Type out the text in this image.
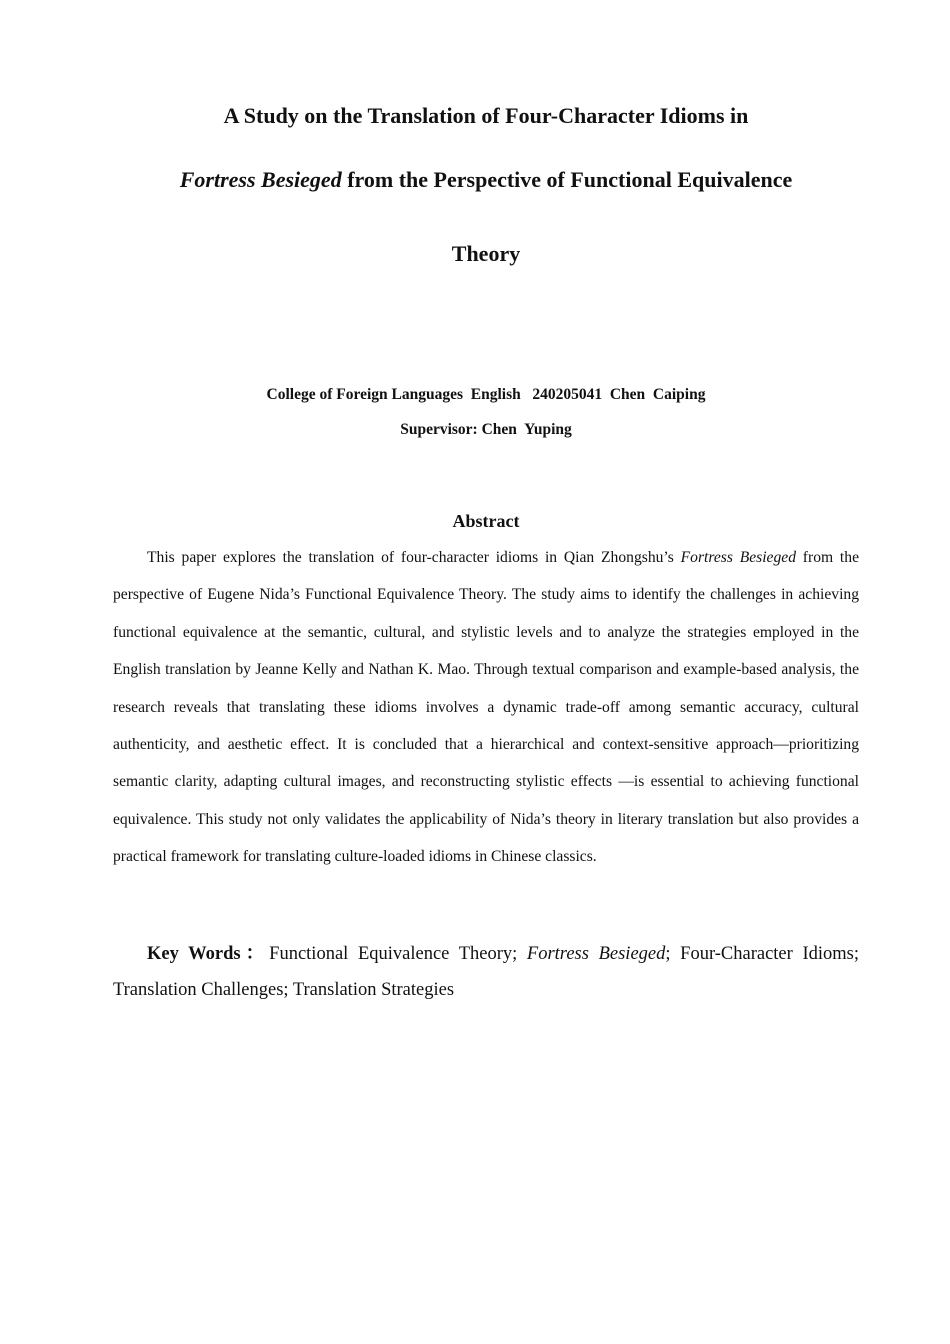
A Study on the Translation of Four-Character Idioms in
Fortress Besieged from the Perspective of Functional Equivalence
Theory
College of Foreign Languages  English   240205041  Chen  Caiping
Supervisor: Chen  Yuping
Abstract

This paper explores the translation of four-character idioms in Qian Zhongshu’s Fortress Besieged from the perspective of Eugene Nida’s Functional Equivalence Theory. The study aims to identify the challenges in achieving functional equivalence at the semantic, cultural, and stylistic levels and to analyze the strategies employed in the English translation by Jeanne Kelly and Nathan K. Mao. Through textual comparison and example-based analysis, the research reveals that translating these idioms involves a dynamic trade-off among semantic accuracy, cultural authenticity, and aesthetic effect. It is concluded that a hierarchical and context-sensitive approach—prioritizing semantic clarity, adapting cultural images, and reconstructing stylistic effects —is essential to achieving functional equivalence. This study not only validates the applicability of Nida’s theory in literary translation but also provides a practical framework for translating culture-loaded idioms in Chinese classics.

Key Words：Functional Equivalence Theory; Fortress Besieged; Four-Character Idioms; Translation Challenges; Translation Strategies
